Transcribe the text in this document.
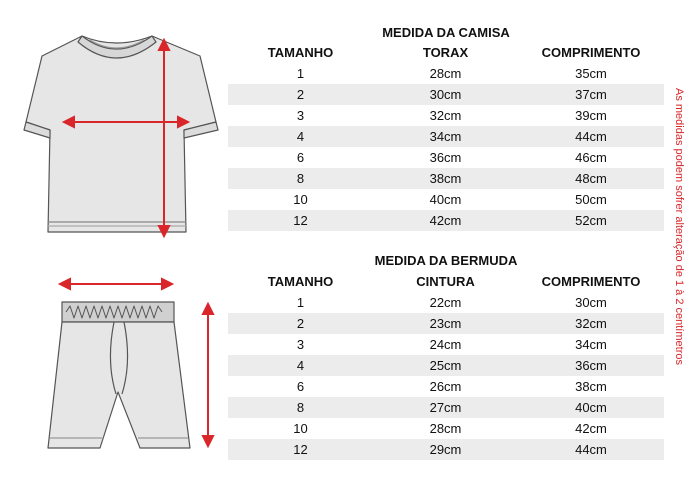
MEDIDA DA CAMISA
TAMANHO	TORAX	COMPRIMENTO
1	28cm	35cm
2	30cm	37cm
3	32cm	39cm
4	34cm	44cm
6	36cm	46cm
8	38cm	48cm
10	40cm	50cm
12	42cm	52cm
MEDIDA DA BERMUDA
TAMANHO	CINTURA	COMPRIMENTO
1	22cm	30cm
2	23cm	32cm
3	24cm	34cm
4	25cm	36cm
6	26cm	38cm
8	27cm	40cm
10	28cm	42cm
12	29cm	44cm
As medidas podem sofrer alteração de 1 à 2 centímetros
